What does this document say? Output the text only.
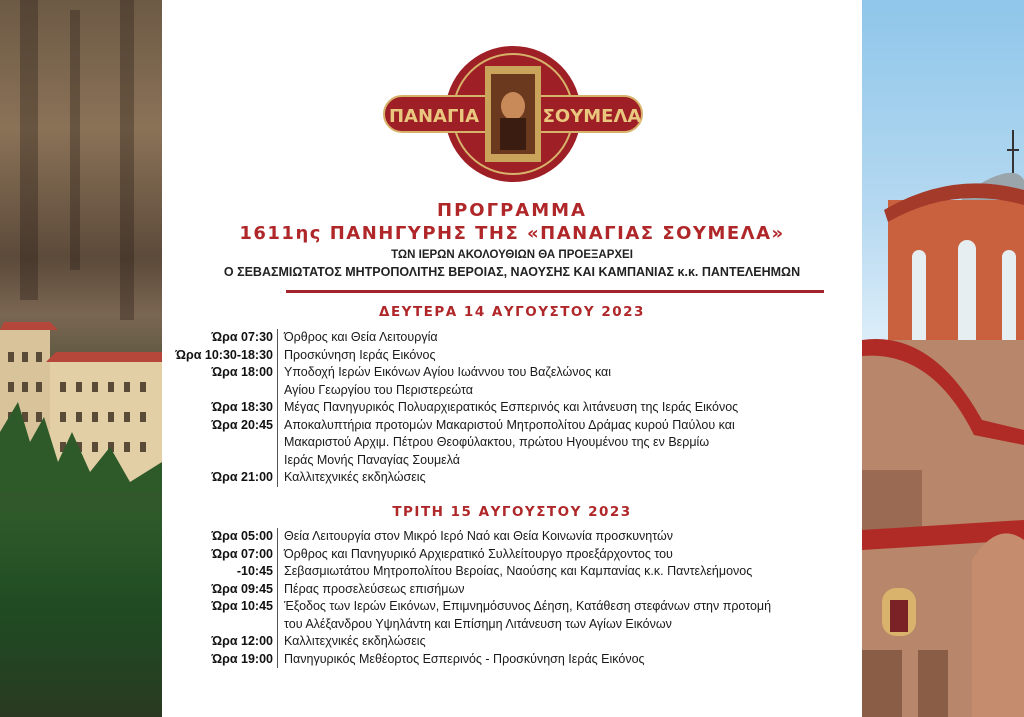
ΠΑΝΑΓΙΑ	ΣΟΥΜΕΛΑ
ΠΡΟΓΡΑΜΜΑ
1611ης ΠΑΝΗΓΥΡΗΣ ΤΗΣ «ΠΑΝΑΓΙΑΣ ΣΟΥΜΕΛΑ»
ΤΩΝ ΙΕΡΩΝ ΑΚΟΛΟΥΘΙΩΝ ΘΑ ΠΡΟΕΞΑΡΧΕΙ
Ο ΣΕΒΑΣΜΙΩΤΑΤΟΣ ΜΗΤΡΟΠΟΛΙΤΗΣ ΒΕΡΟΙΑΣ, ΝΑΟΥΣΗΣ ΚΑΙ ΚΑΜΠΑΝΙΑΣ κ.κ. ΠΑΝΤΕΛΕΗΜΩΝ
ΔΕΥΤΕΡΑ 14 ΑΥΓΟΥΣΤΟΥ 2023
Ώρα 07:30 Όρθρος και Θεία Λειτουργία
Ώρα 10:30-18:30 Προσκύνηση Ιεράς Εικόνος
Ώρα 18:00 Υποδοχή Ιερών Εικόνων Αγίου Ιωάννου του Βαζελώνος και
Αγίου Γεωργίου του Περιστερεώτα
Ώρα 18:30 Μέγας Πανηγυρικός Πολυαρχιερατικός Εσπερινός και λιτάνευση της Ιεράς Εικόνος
Ώρα 20:45 Αποκαλυπτήρια προτομών Μακαριστού Μητροπολίτου Δράμας κυρού Παύλου και
Μακαριστού Αρχιμ. Πέτρου Θεοφύλακτου, πρώτου Ηγουμένου της εν Βερμίω
Ιεράς Μονής Παναγίας Σουμελά
Ώρα 21:00 Καλλιτεχνικές εκδηλώσεις
ΤΡΙΤΗ 15 ΑΥΓΟΥΣΤΟΥ 2023
Ώρα 05:00 Θεία Λειτουργία στον Μικρό Ιερό Ναό και Θεία Κοινωνία προσκυνητών
Ώρα 07:00
-10:45
Όρθρος και Πανηγυρικό Αρχιερατικό Συλλείτουργο προεξάρχοντος του
Σεβασμιωτάτου Μητροπολίτου Βεροίας, Ναούσης και Καμπανίας κ.κ. Παντελεήμονος
Ώρα 09:45 Πέρας προσελεύσεως επισήμων
Ώρα 10:45 Έξοδος των Ιερών Εικόνων, Επιμνημόσυνος Δέηση, Κατάθεση στεφάνων στην προτομή
του Αλέξανδρου Υψηλάντη και Επίσημη Λιτάνευση των Αγίων Εικόνων
Ώρα 12:00 Καλλιτεχνικές εκδηλώσεις
Ώρα 19:00 Πανηγυρικός Μεθέορτος Εσπερινός - Προσκύνηση Ιεράς Εικόνος
